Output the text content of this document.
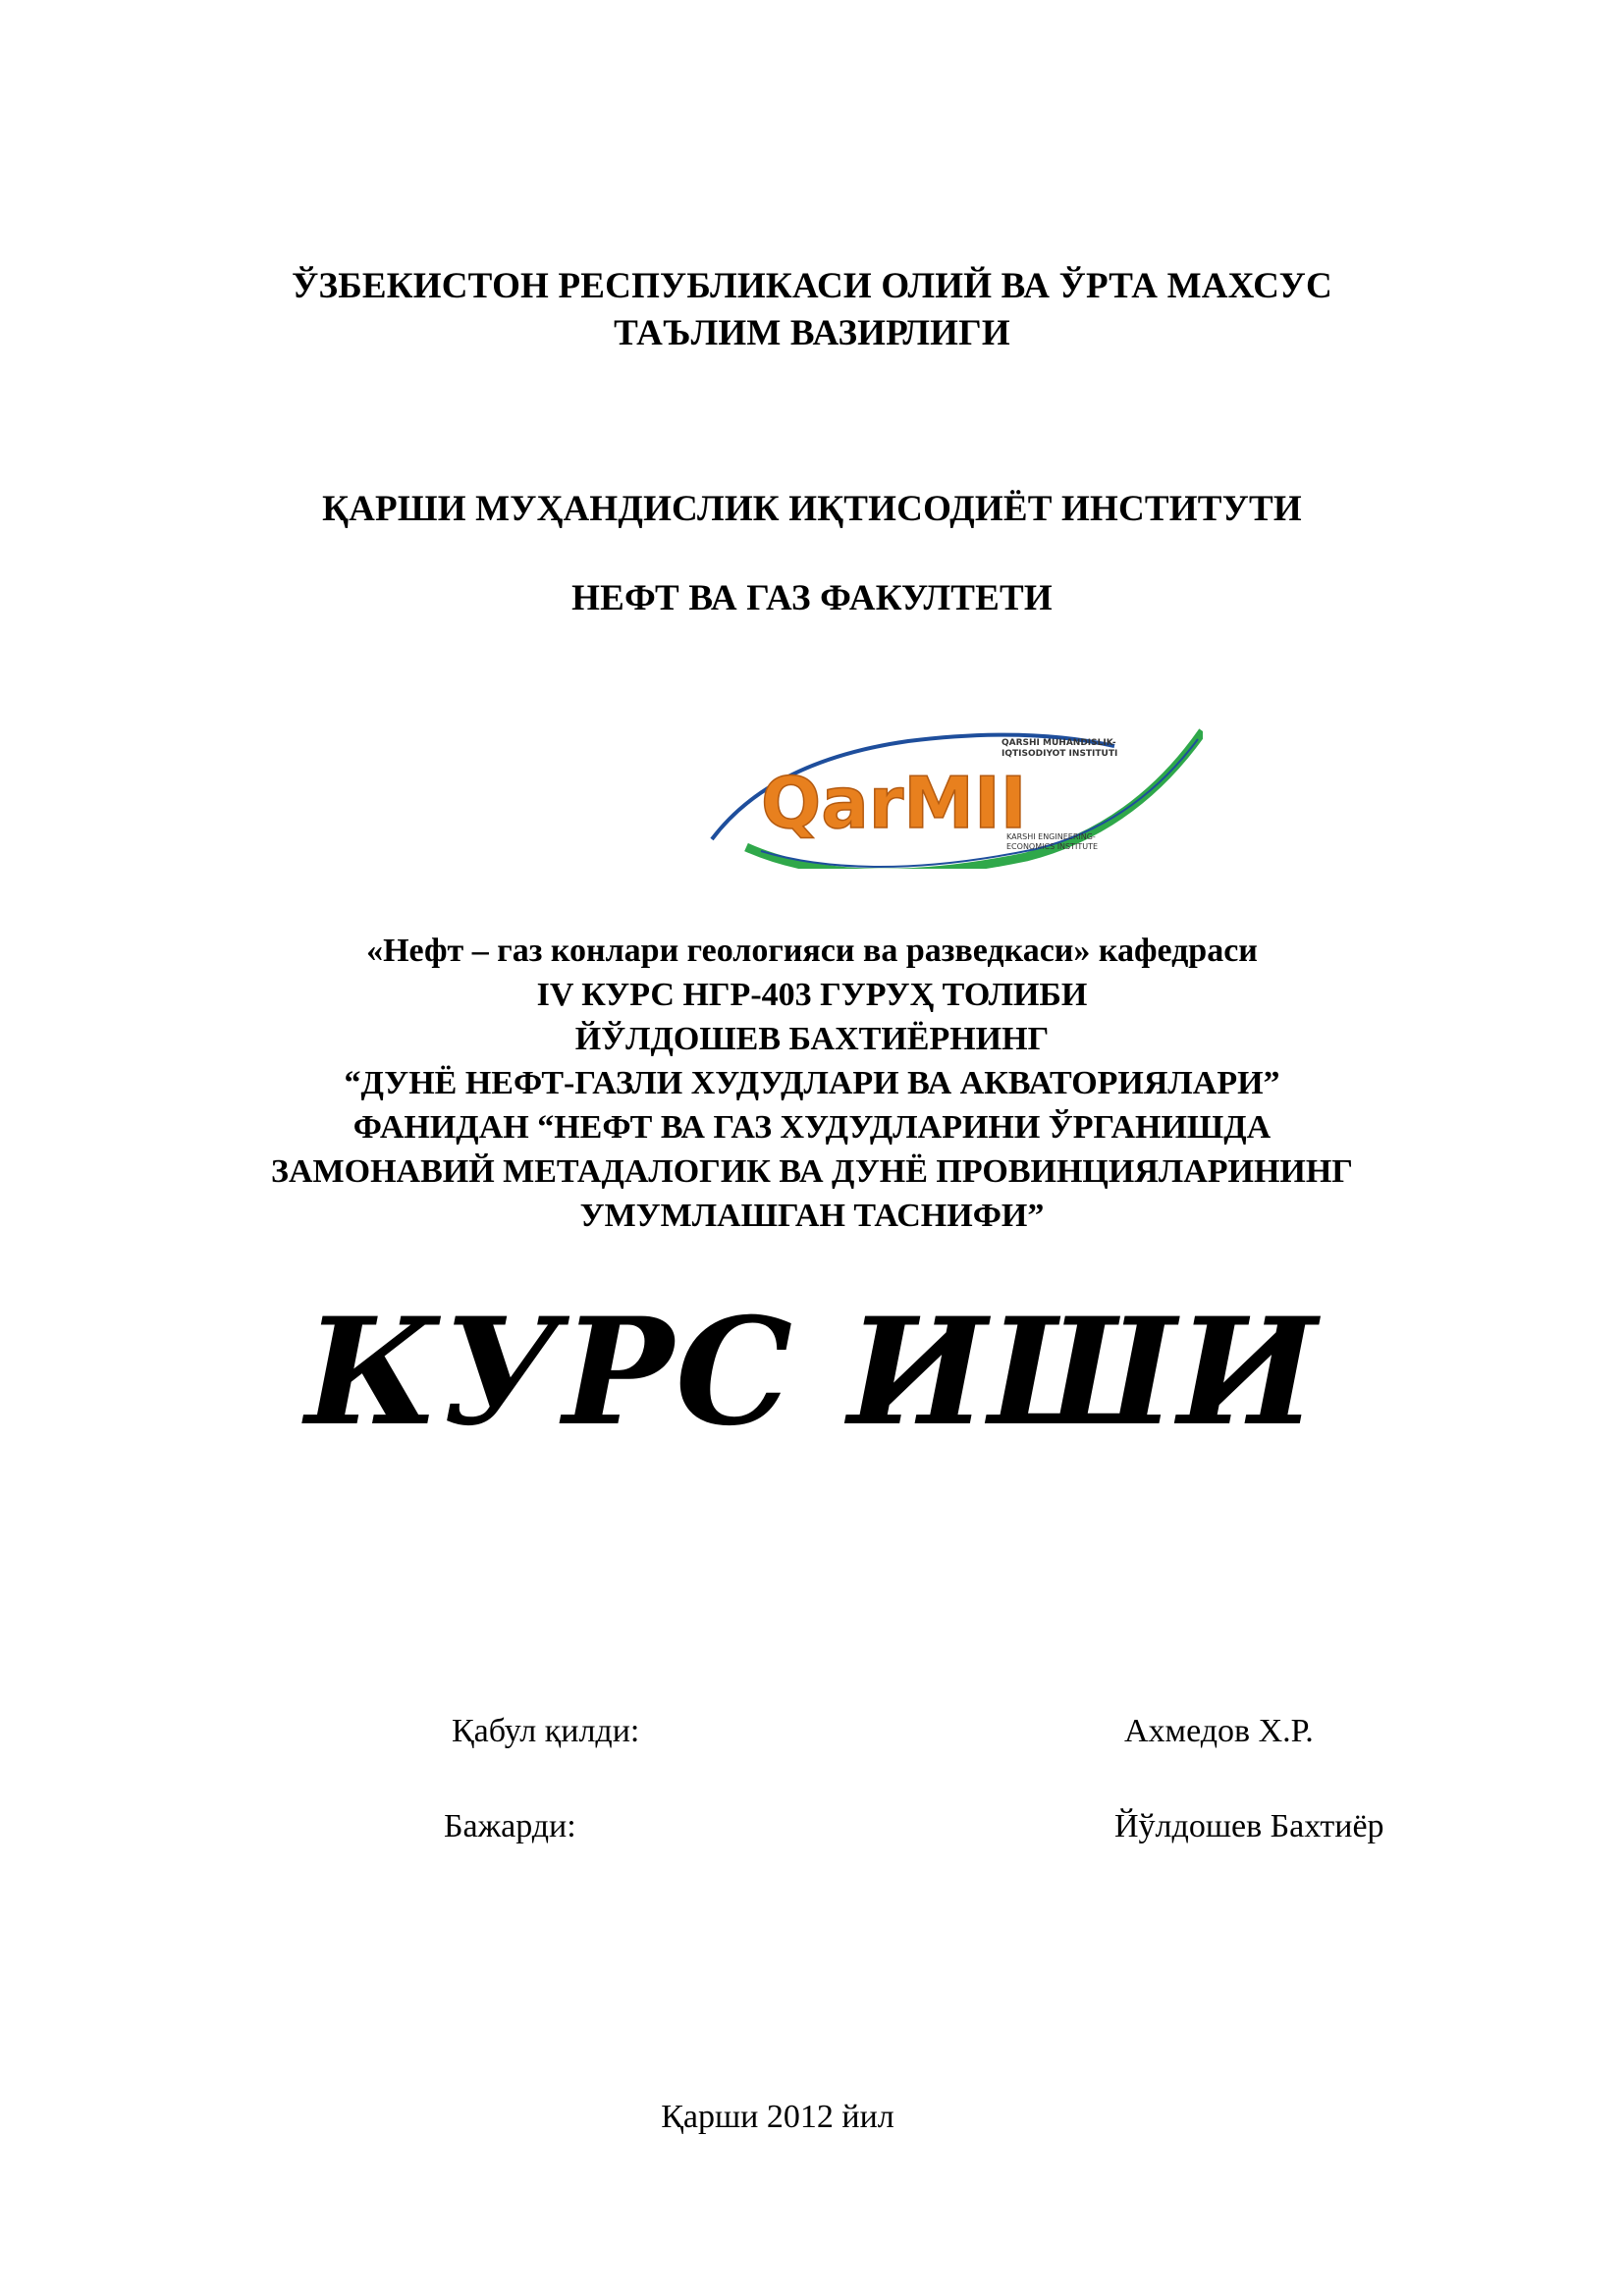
ЎЗБЕКИСТОН РЕСПУБЛИКАСИ ОЛИЙ ВА ЎРТА МАХСУС

ТАЪЛИМ ВАЗИРЛИГИ

ҚАРШИ МУҲАНДИСЛИК ИҚТИСОДИЁТ ИНСТИТУТИ

НЕФТ ВА ГАЗ ФАКУЛТЕТИ

QarMII
QARSHI MUHANDISLIK-
IQTISODIYOT INSTITUTI
KARSHI ENGINEERING-
ECONOMICS INSTITUTE

«Нефт – газ конлари геологияси ва разведкаси» кафедраси

IV КУРС НГР-403 ГУРУҲ ТОЛИБИ

ЙЎЛДОШЕВ БАХТИЁРНИНГ

“ДУНЁ НЕФТ-ГАЗЛИ ХУДУДЛАРИ ВА АКВАТОРИЯЛАРИ”

ФАНИДАН “НЕФТ ВА ГАЗ ХУДУДЛАРИНИ ЎРГАНИШДА

ЗАМОНАВИЙ МЕТАДАЛОГИК ВА ДУНЁ ПРОВИНЦИЯЛАРИНИНГ

УМУМЛАШГАН ТАСНИФИ”

КУРС ИШИ

Қабул қилди:	Ахмедов Х.Р.
Бажарди:	Йўлдошев Бахтиёр

Қарши 2012 йил
